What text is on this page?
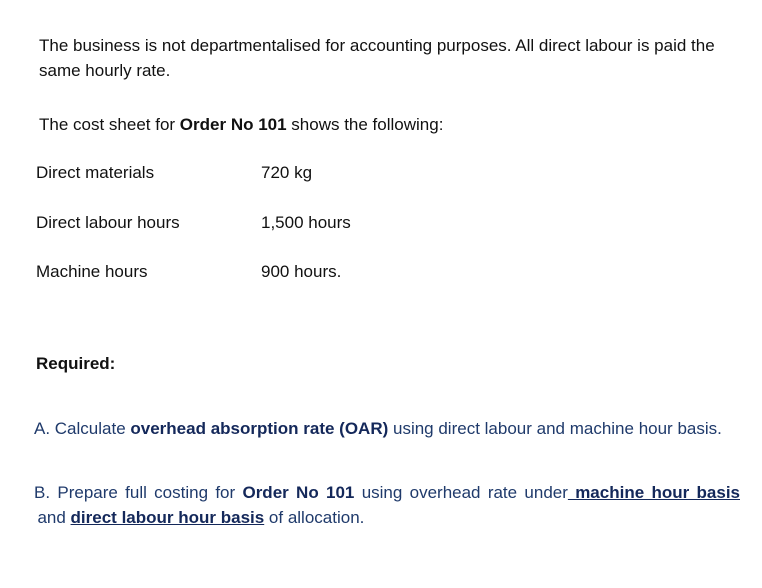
The business is not departmentalised for accounting purposes. All direct labour is paid the same hourly rate.

The cost sheet for Order No 101 shows the following:

Direct materials	720 kg
Direct labour hours	1,500 hours
Machine hours	900 hours.
Required:

A. Calculate overhead absorption rate (OAR) using direct labour and machine hour basis.

B. Prepare full costing for Order No 101 using overhead rate under machine hour basis  and direct labour hour basis of allocation.
